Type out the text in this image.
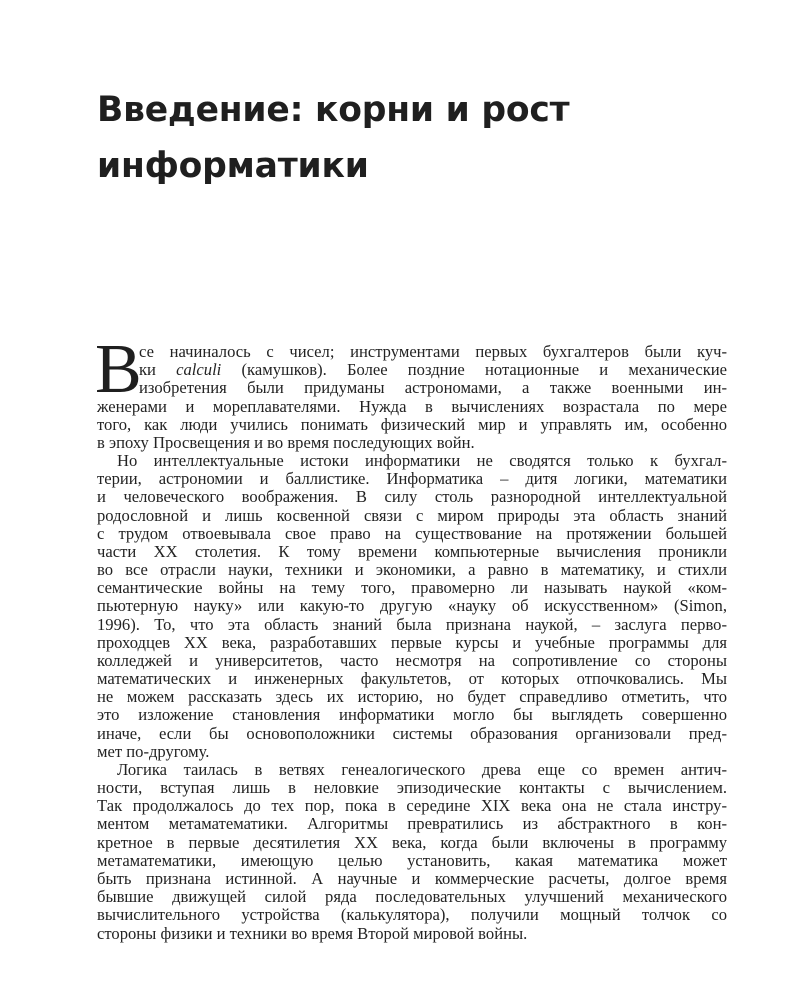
Введение: корни и рост
информатики
В

се начиналось с чисел; инструментами первых бухгалтеров были куч-
ки calculi (камушков). Более поздние нотационные и механические
изобретения были придуманы астрономами, а также военными ин-
женерами и мореплавателями. Нужда в вычислениях возрастала по мере
того, как люди учились понимать физический мир и управлять им, особенно
в эпоху Просвещения и во время последующих войн.

Но интеллектуальные истоки информатики не сводятся только к бухгал-
терии, астрономии и баллистике. Информатика – дитя логики, математики
и человеческого воображения. В силу столь разнородной интеллектуальной
родословной и лишь косвенной связи с миром природы эта область знаний
с трудом отвоевывала свое право на существование на протяжении большей
части XX столетия. К тому времени компьютерные вычисления проникли
во все отрасли науки, техники и экономики, а равно в математику, и стихли
семантические войны на тему того, правомерно ли называть наукой «ком-
пьютерную науку» или какую-то другую «науку об искусственном» (Simon,
1996). То, что эта область знаний была признана наукой, – заслуга перво-
проходцев XX века, разработавших первые курсы и учебные программы для
колледжей и университетов, часто несмотря на сопротивление со стороны
математических и инженерных факультетов, от которых отпочковались. Мы
не можем рассказать здесь их историю, но будет справедливо отметить, что
это изложение становления информатики могло бы выглядеть совершенно
иначе, если бы основоположники системы образования организовали пред-
мет по-другому.

Логика таилась в ветвях генеалогического древа еще со времен антич-
ности, вступая лишь в неловкие эпизодические контакты с вычислением.
Так продолжалось до тех пор, пока в середине XIX века она не стала инстру-
ментом метаматематики. Алгоритмы превратились из абстрактного в кон-
кретное в первые десятилетия XX века, когда были включены в программу
метаматематики, имеющую целью установить, какая математика может
быть признана истинной. А научные и коммерческие расчеты, долгое время
бывшие движущей силой ряда последовательных улучшений механического
вычислительного устройства (калькулятора), получили мощный толчок со
стороны физики и техники во время Второй мировой войны.
